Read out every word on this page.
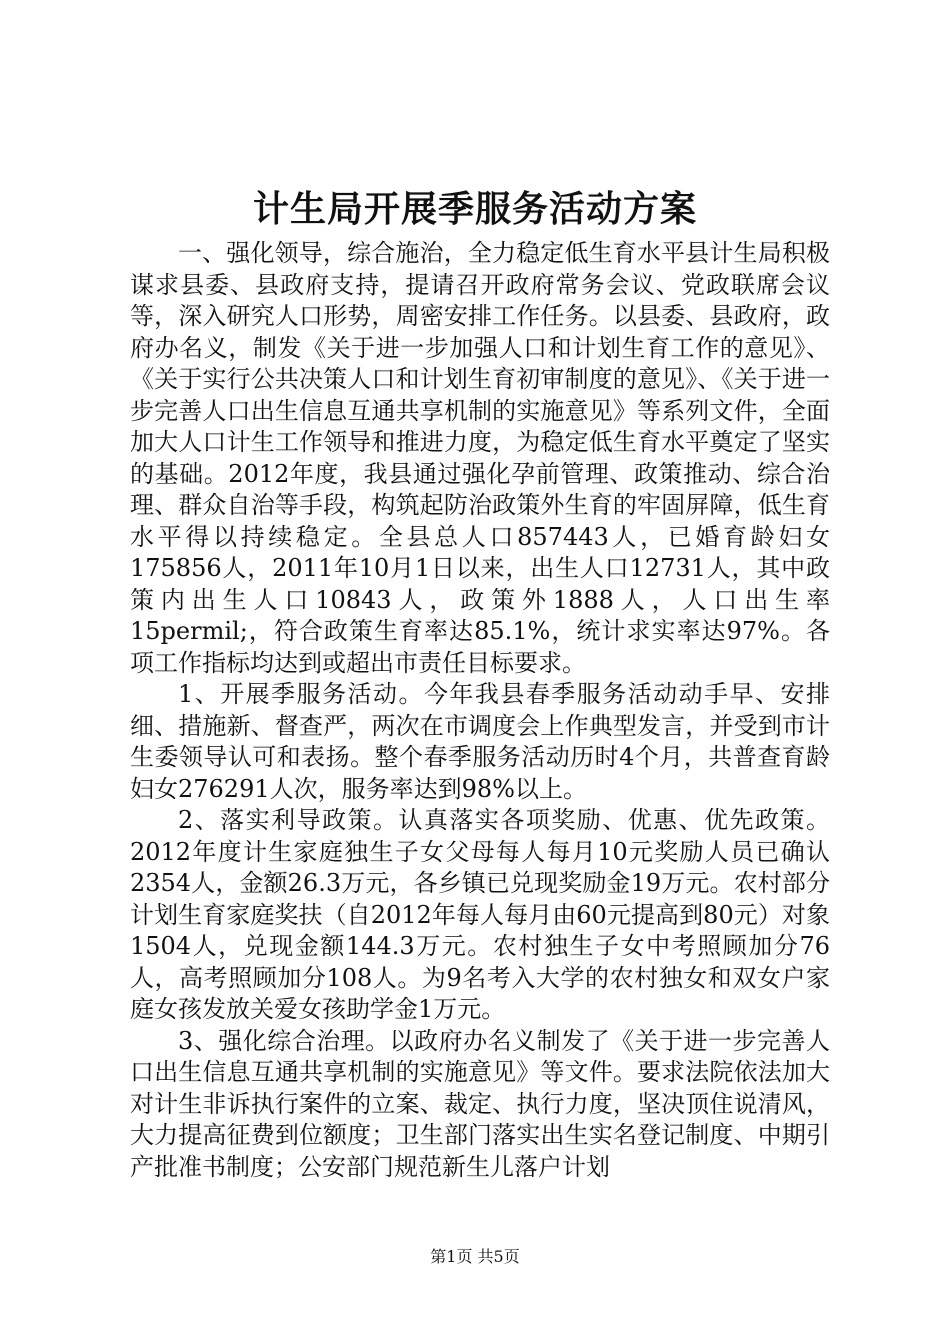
计生局开展季服务活动方案

一、强化领导，综合施治，全力稳定低生育水平县计生局积极谋求县委、县政府支持，提请召开政府常务会议、党政联席会议等，深入研究人口形势，周密安排工作任务。以县委、县政府，政府办名义，制发《关于进一步加强人口和计划生育工作的意见》、《关于实行公共决策人口和计划生育初审制度的意见》、《关于进一步完善人口出生信息互通共享机制的实施意见》等系列文件，全面加大人口计生工作领导和推进力度，为稳定低生育水平奠定了坚实的基础。2012年度，我县通过强化孕前管理、政策推动、综合治理、群众自治等手段，构筑起防治政策外生育的牢固屏障，低生育水平得以持续稳定。全县总人口857443人，已婚育龄妇女175856人，2011年10月1日以来，出生人口12731人，其中政策内出生人口10843人，政策外1888人，人口出生率15permil;，符合政策生育率达85.1%，统计求实率达97%。各项工作指标均达到或超出市责任目标要求。

1、开展季服务活动。今年我县春季服务活动动手早、安排细、措施新、督查严，两次在市调度会上作典型发言，并受到市计生委领导认可和表扬。整个春季服务活动历时4个月，共普查育龄妇女276291人次，服务率达到98%以上。

2、落实利导政策。认真落实各项奖励、优惠、优先政策。2012年度计生家庭独生子女父母每人每月10元奖励人员已确认2354人，金额26.3万元，各乡镇已兑现奖励金19万元。农村部分计划生育家庭奖扶（自2012年每人每月由60元提高到80元）对象1504人，兑现金额144.3万元。农村独生子女中考照顾加分76人，高考照顾加分108人。为9名考入大学的农村独女和双女户家庭女孩发放关爱女孩助学金1万元。

3、强化综合治理。以政府办名义制发了《关于进一步完善人口出生信息互通共享机制的实施意见》等文件。要求法院依法加大对计生非诉执行案件的立案、裁定、执行力度，坚决顶住说清风，大力提高征费到位额度；卫生部门落实出生实名登记制度、中期引产批准书制度；公安部门规范新生儿落户计划

第1页 共5页
